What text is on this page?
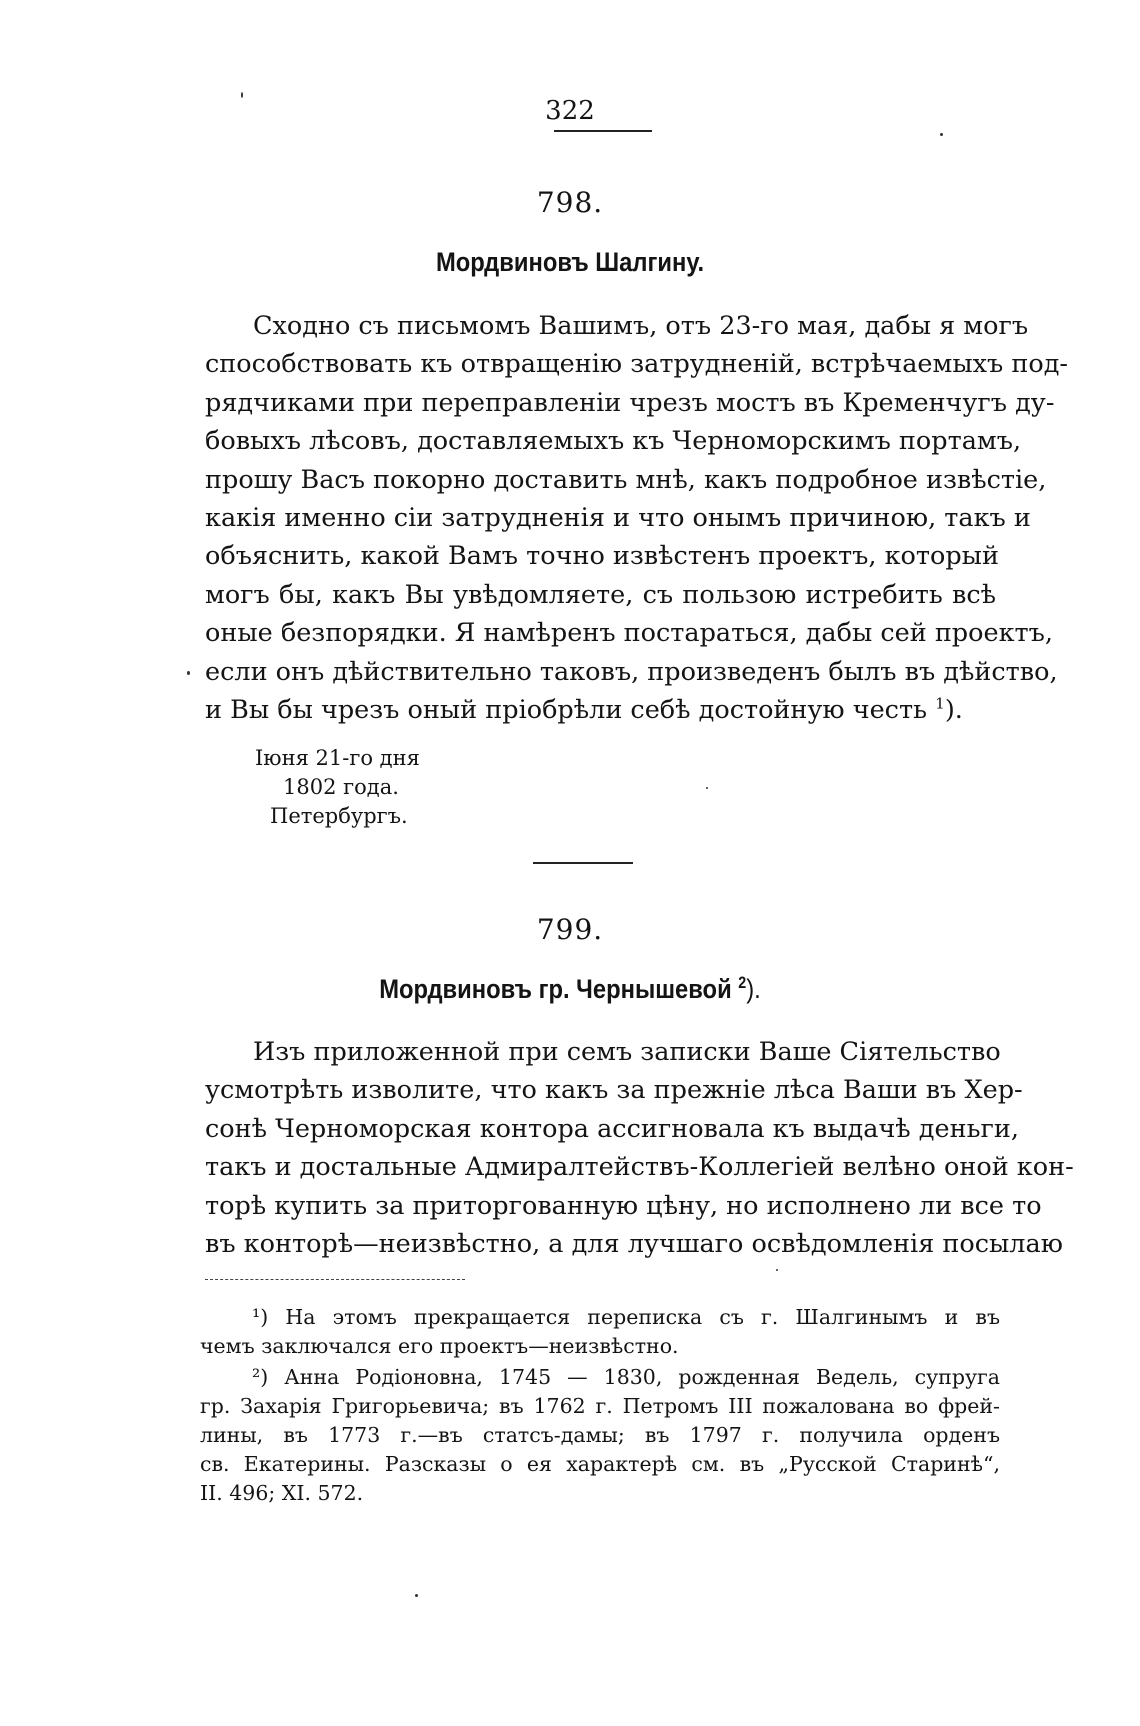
322
798.
Мордвиновъ Шалгину.
Сходно съ письмомъ Вашимъ, отъ 23-го мая, дабы я могъ
способствовать къ отвращенію затрудненій, встрѣчаемыхъ под-
рядчиками при переправленіи чрезъ мостъ въ Кременчугъ ду-
бовыхъ лѣсовъ, доставляемыхъ къ Черноморскимъ портамъ,
прошу Васъ покорно доставить мнѣ, какъ подробное извѣстіе,
какія именно сіи затрудненія и что онымъ причиною, такъ и
объяснить, какой Вамъ точно извѣстенъ проектъ, который
могъ бы, какъ Вы увѣдомляете, съ пользою истребить всѣ
оные безпорядки. Я намѣренъ постараться, дабы сей проектъ,
если онъ дѣйствительно таковъ, произведенъ былъ въ дѣйство,
и Вы бы чрезъ оный пріобрѣли себѣ достойную честь $^1$).
Іюня 21-го дня
1802 года.
Петербургъ.
799.
Мордвиновъ гр. Чернышевой $^2$).
Изъ приложенной при семъ записки Ваше Сіятельство
усмотрѣть изволите, что какъ за прежніе лѣса Ваши въ Хер-
сонѣ Черноморская контора ассигновала къ выдачѣ деньги,
такъ и достальные Адмиралтействъ-Коллегіей велѣно оной кон-
торѣ купить за приторгованную цѣну, но исполнено ли все то
въ конторѣ—неизвѣстно, а для лучшаго освѣдомленія посылаю
¹) На этомъ прекращается переписка съ г. Шалгинымъ и въ
чемъ заключался его проектъ—неизвѣстно.
²) Анна Родіоновна, 1745 — 1830, рожденная Ведель, супруга
гр. Захарія Григорьевича; въ 1762 г. Петромъ III пожалована во фрей-
лины, въ 1773 г.—въ статсъ-дамы; въ 1797 г. получила орденъ
св. Екатерины. Разсказы о ея характерѣ см. въ „Русской Старинѣ“,
II. 496; XI. 572.
